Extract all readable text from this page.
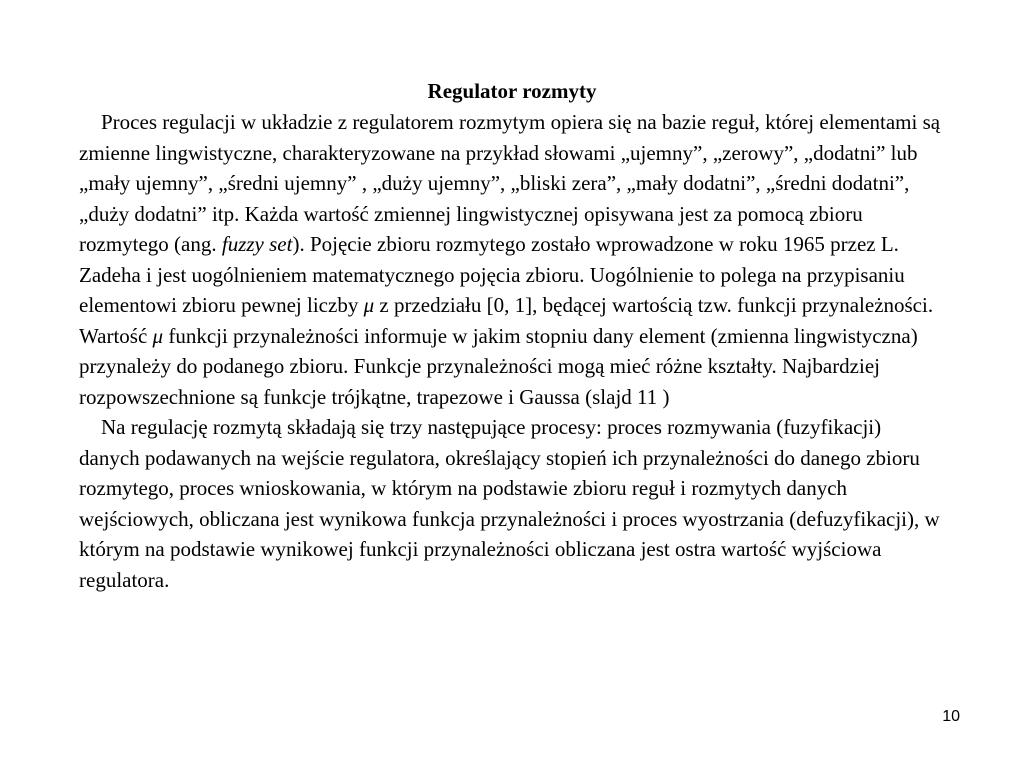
Regulator rozmyty

Proces regulacji w układzie z regulatorem rozmytym opiera się na bazie reguł, której elementami są zmienne lingwistyczne, charakteryzowane na przykład słowami „ujemny”, „zerowy”, „dodatni” lub „mały ujemny”, „średni ujemny” , „duży ujemny”, „bliski zera”, „mały dodatni”, „średni dodatni”, „duży dodatni” itp. Każda wartość zmiennej lingwistycznej opisywana jest za pomocą zbioru rozmytego (ang. fuzzy set). Pojęcie zbioru rozmytego zostało wprowadzone w roku 1965 przez L. Zadeha i jest uogólnieniem matematycznego pojęcia zbioru. Uogólnienie to polega na przypisaniu elementowi zbioru pewnej liczby μ z przedziału [0, 1], będącej wartością tzw. funkcji przynależności. Wartość μ funkcji przynależności informuje w jakim stopniu dany element (zmienna lingwistyczna) przynależy do podanego zbioru. Funkcje przynależności mogą mieć różne kształty. Najbardziej rozpowszechnione są funkcje trójkątne, trapezowe i Gaussa (slajd 11 )

Na regulację rozmytą składają się trzy następujące procesy: proces rozmywania (fuzyfikacji) danych podawanych na wejście regulatora, określający stopień ich przynależności do danego zbioru rozmytego, proces wnioskowania, w którym na podstawie zbioru reguł i rozmytych danych wejściowych, obliczana jest wynikowa funkcja przynależności i proces wyostrzania (defuzyfikacji), w którym na podstawie wynikowej funkcji przynależności obliczana jest ostra wartość wyjściowa regulatora.

10
